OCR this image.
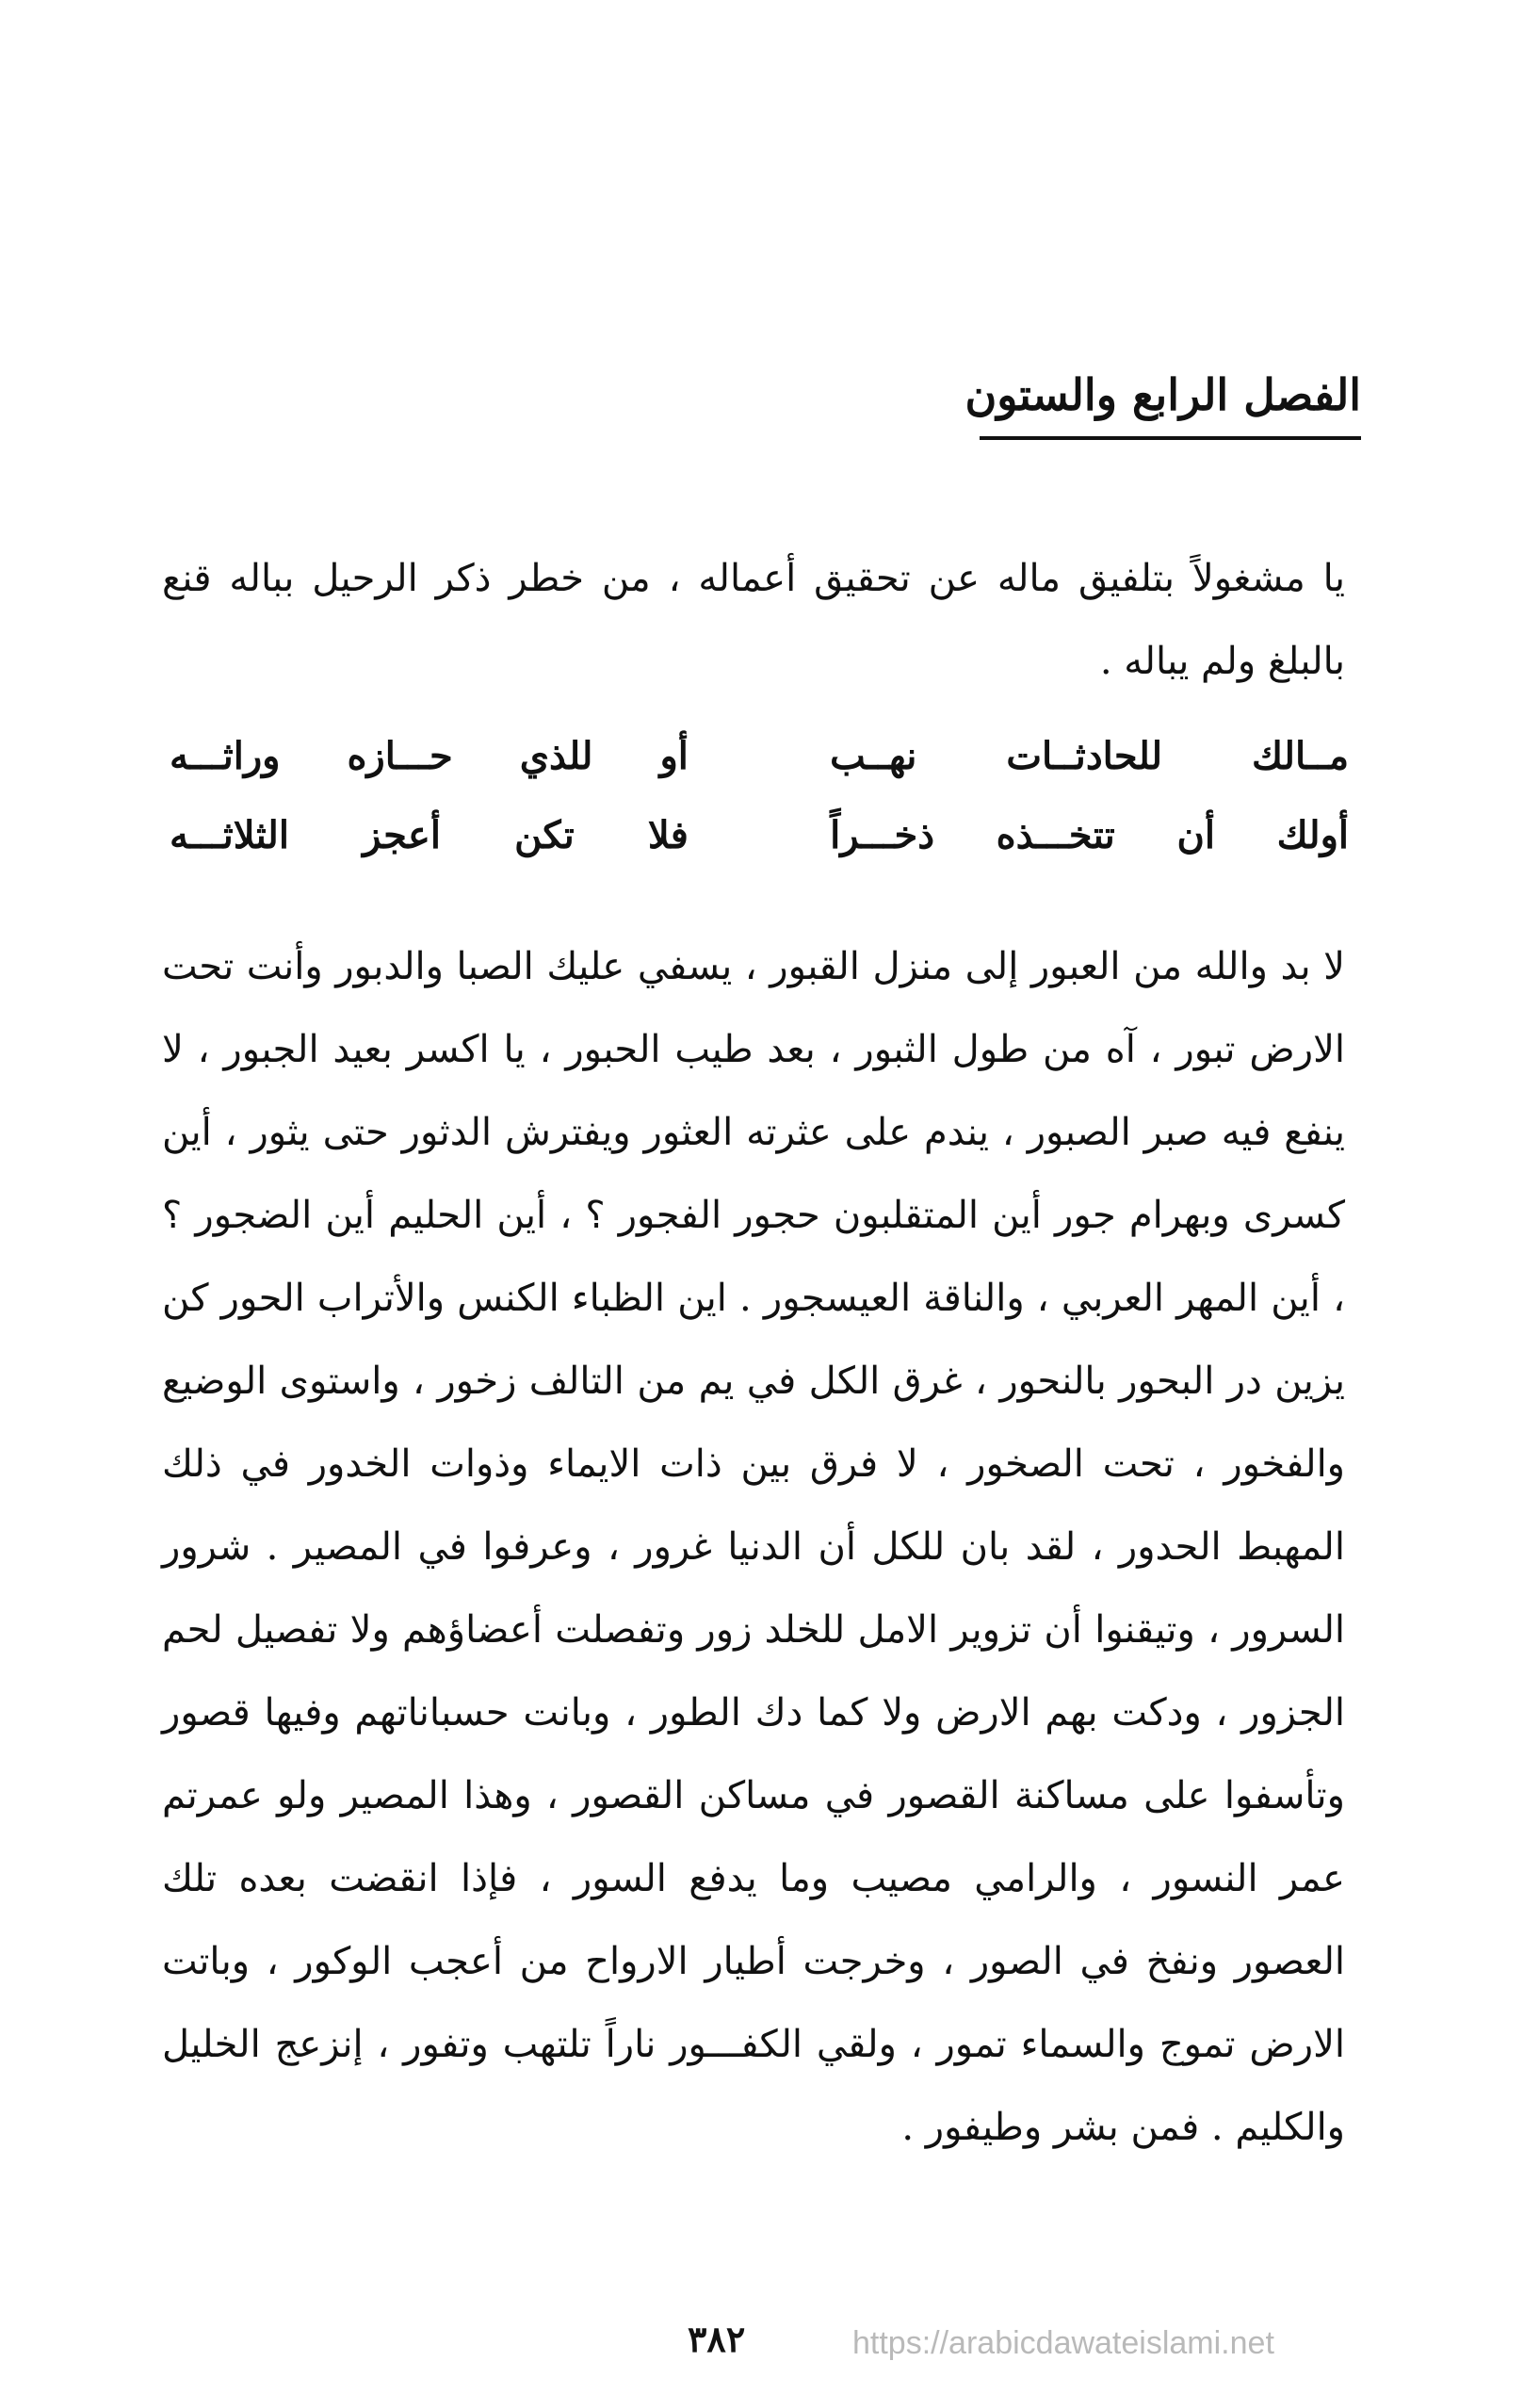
الفصل الرابع والستون

يا مشغولاً بتلفيق ماله عن تحقيق أعماله ، من خطر ذكر الرحيل بباله قنع بالبلغ ولم يباله .

مــالك للحادثــات نهــب
أو للذي حـــازه وراثـــه
أولك أن تتخـــذه ذخـــراً
فلا تكن أعجز الثلاثـــه

لا بد والله من العبور إلى منزل القبور ، يسفي عليك الصبا والدبور وأنت تحت الارض تبور ، آه من طول الثبور ، بعد طيب الحبور ، يا اكسر بعيد الجبور ، لا ينفع فيه صبر الصبور ، يندم على عثرته العثور ويفترش الدثور حتى يثور ، أين كسرى وبهرام جور أين المتقلبون حجور الفجور ؟ ، أين الحليم أين الضجور ؟ ، أين المهر العربي ، والناقة العيسجور . اين الظباء الكنس والأتراب الحور كن يزين در البحور بالنحور ، غرق الكل في يم من التالف زخور ، واستوى الوضيع والفخور ، تحت الصخور ، لا فرق بين ذات الايماء وذوات الخدور في ذلك المهبط الحدور ، لقد بان للكل أن الدنيا غرور ، وعرفوا في المصير . شرور السرور ، وتيقنوا أن تزوير الامل للخلد زور وتفصلت أعضاؤهم ولا تفصيل لحم الجزور ، ودكت بهم الارض ولا كما دك الطور ، وبانت حسباناتهم وفيها قصور وتأسفوا على مساكنة القصور في مساكن القصور ، وهذا المصير ولو عمرتم عمر النسور ، والرامي مصيب وما يدفع السور ، فإذا انقضت بعده تلك العصور ونفخ في الصور ، وخرجت أطيار الارواح من أعجب الوكور ، وباتت الارض تموج والسماء تمور ، ولقي الكفـــور ناراً تلتهب وتفور ، إنزعج الخليل والكليم . فمن بشر وطيفور .

٣٨٢	https://arabicdawateislami.net
